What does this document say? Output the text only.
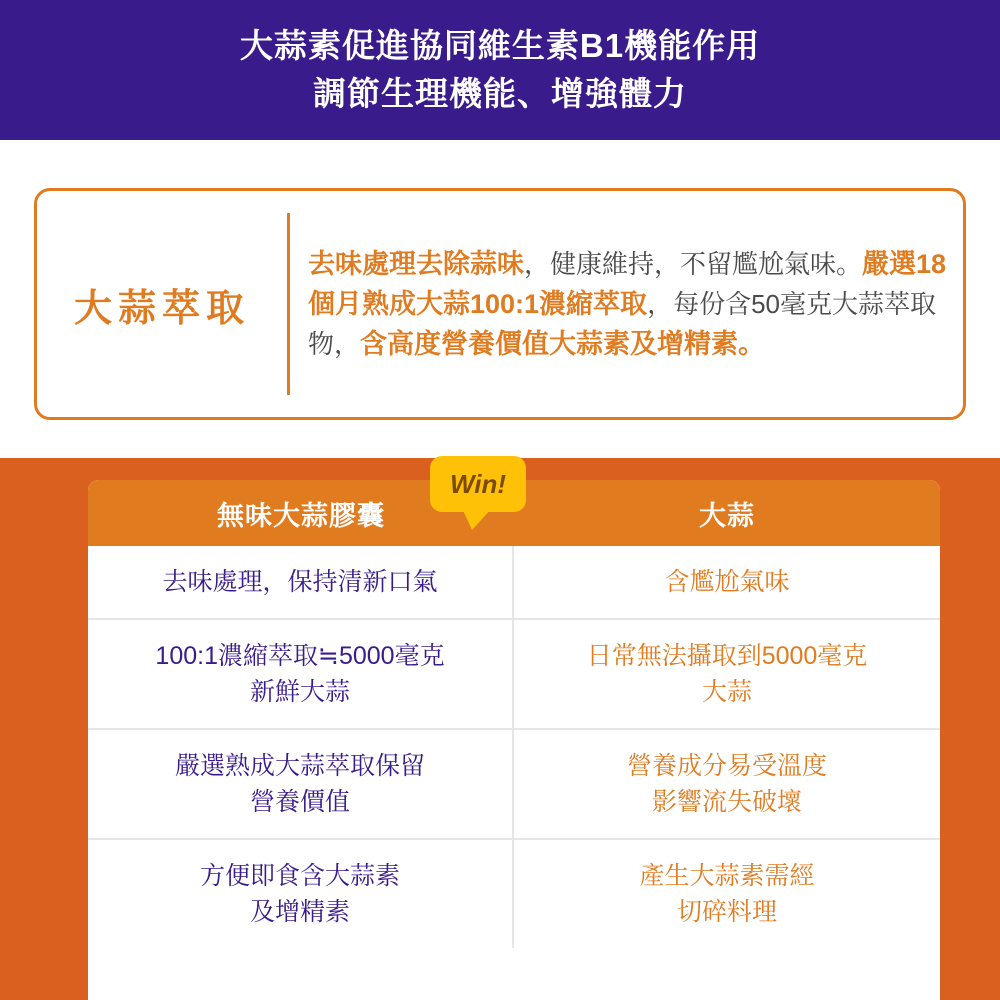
大蒜素促進協同維生素B1機能作用
調節生理機能、增強體力
大蒜萃取
去味處理去除蒜味，健康維持，不留尷尬氣味。嚴選18個月熟成大蒜100:1濃縮萃取，每份含50毫克大蒜萃取物，含高度營養價值大蒜素及增精素。
無味大蒜膠囊	大蒜
去味處理，保持清新口氣	含尷尬氣味
100:1濃縮萃取≒5000毫克
新鮮大蒜
日常無法攝取到5000毫克
大蒜
嚴選熟成大蒜萃取保留
營養價值
營養成分易受溫度
影響流失破壞
方便即食含大蒜素
及增精素
產生大蒜素需經
切碎料理
Win!
